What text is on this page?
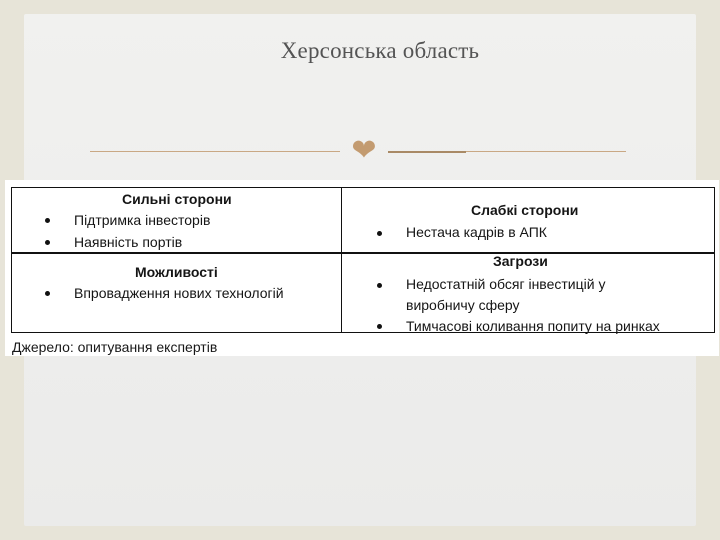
Херсонська область
❤
Сильні сторони
Підтримка інвесторів
Наявність портів
Слабкі сторони
Нестача кадрів в АПК
Можливості
Впровадження нових технологій
Загрози
Недостатній обсяг інвестицій у
виробничу сферу
Тимчасові коливання попиту на ринках
Джерело: опитування експертів
